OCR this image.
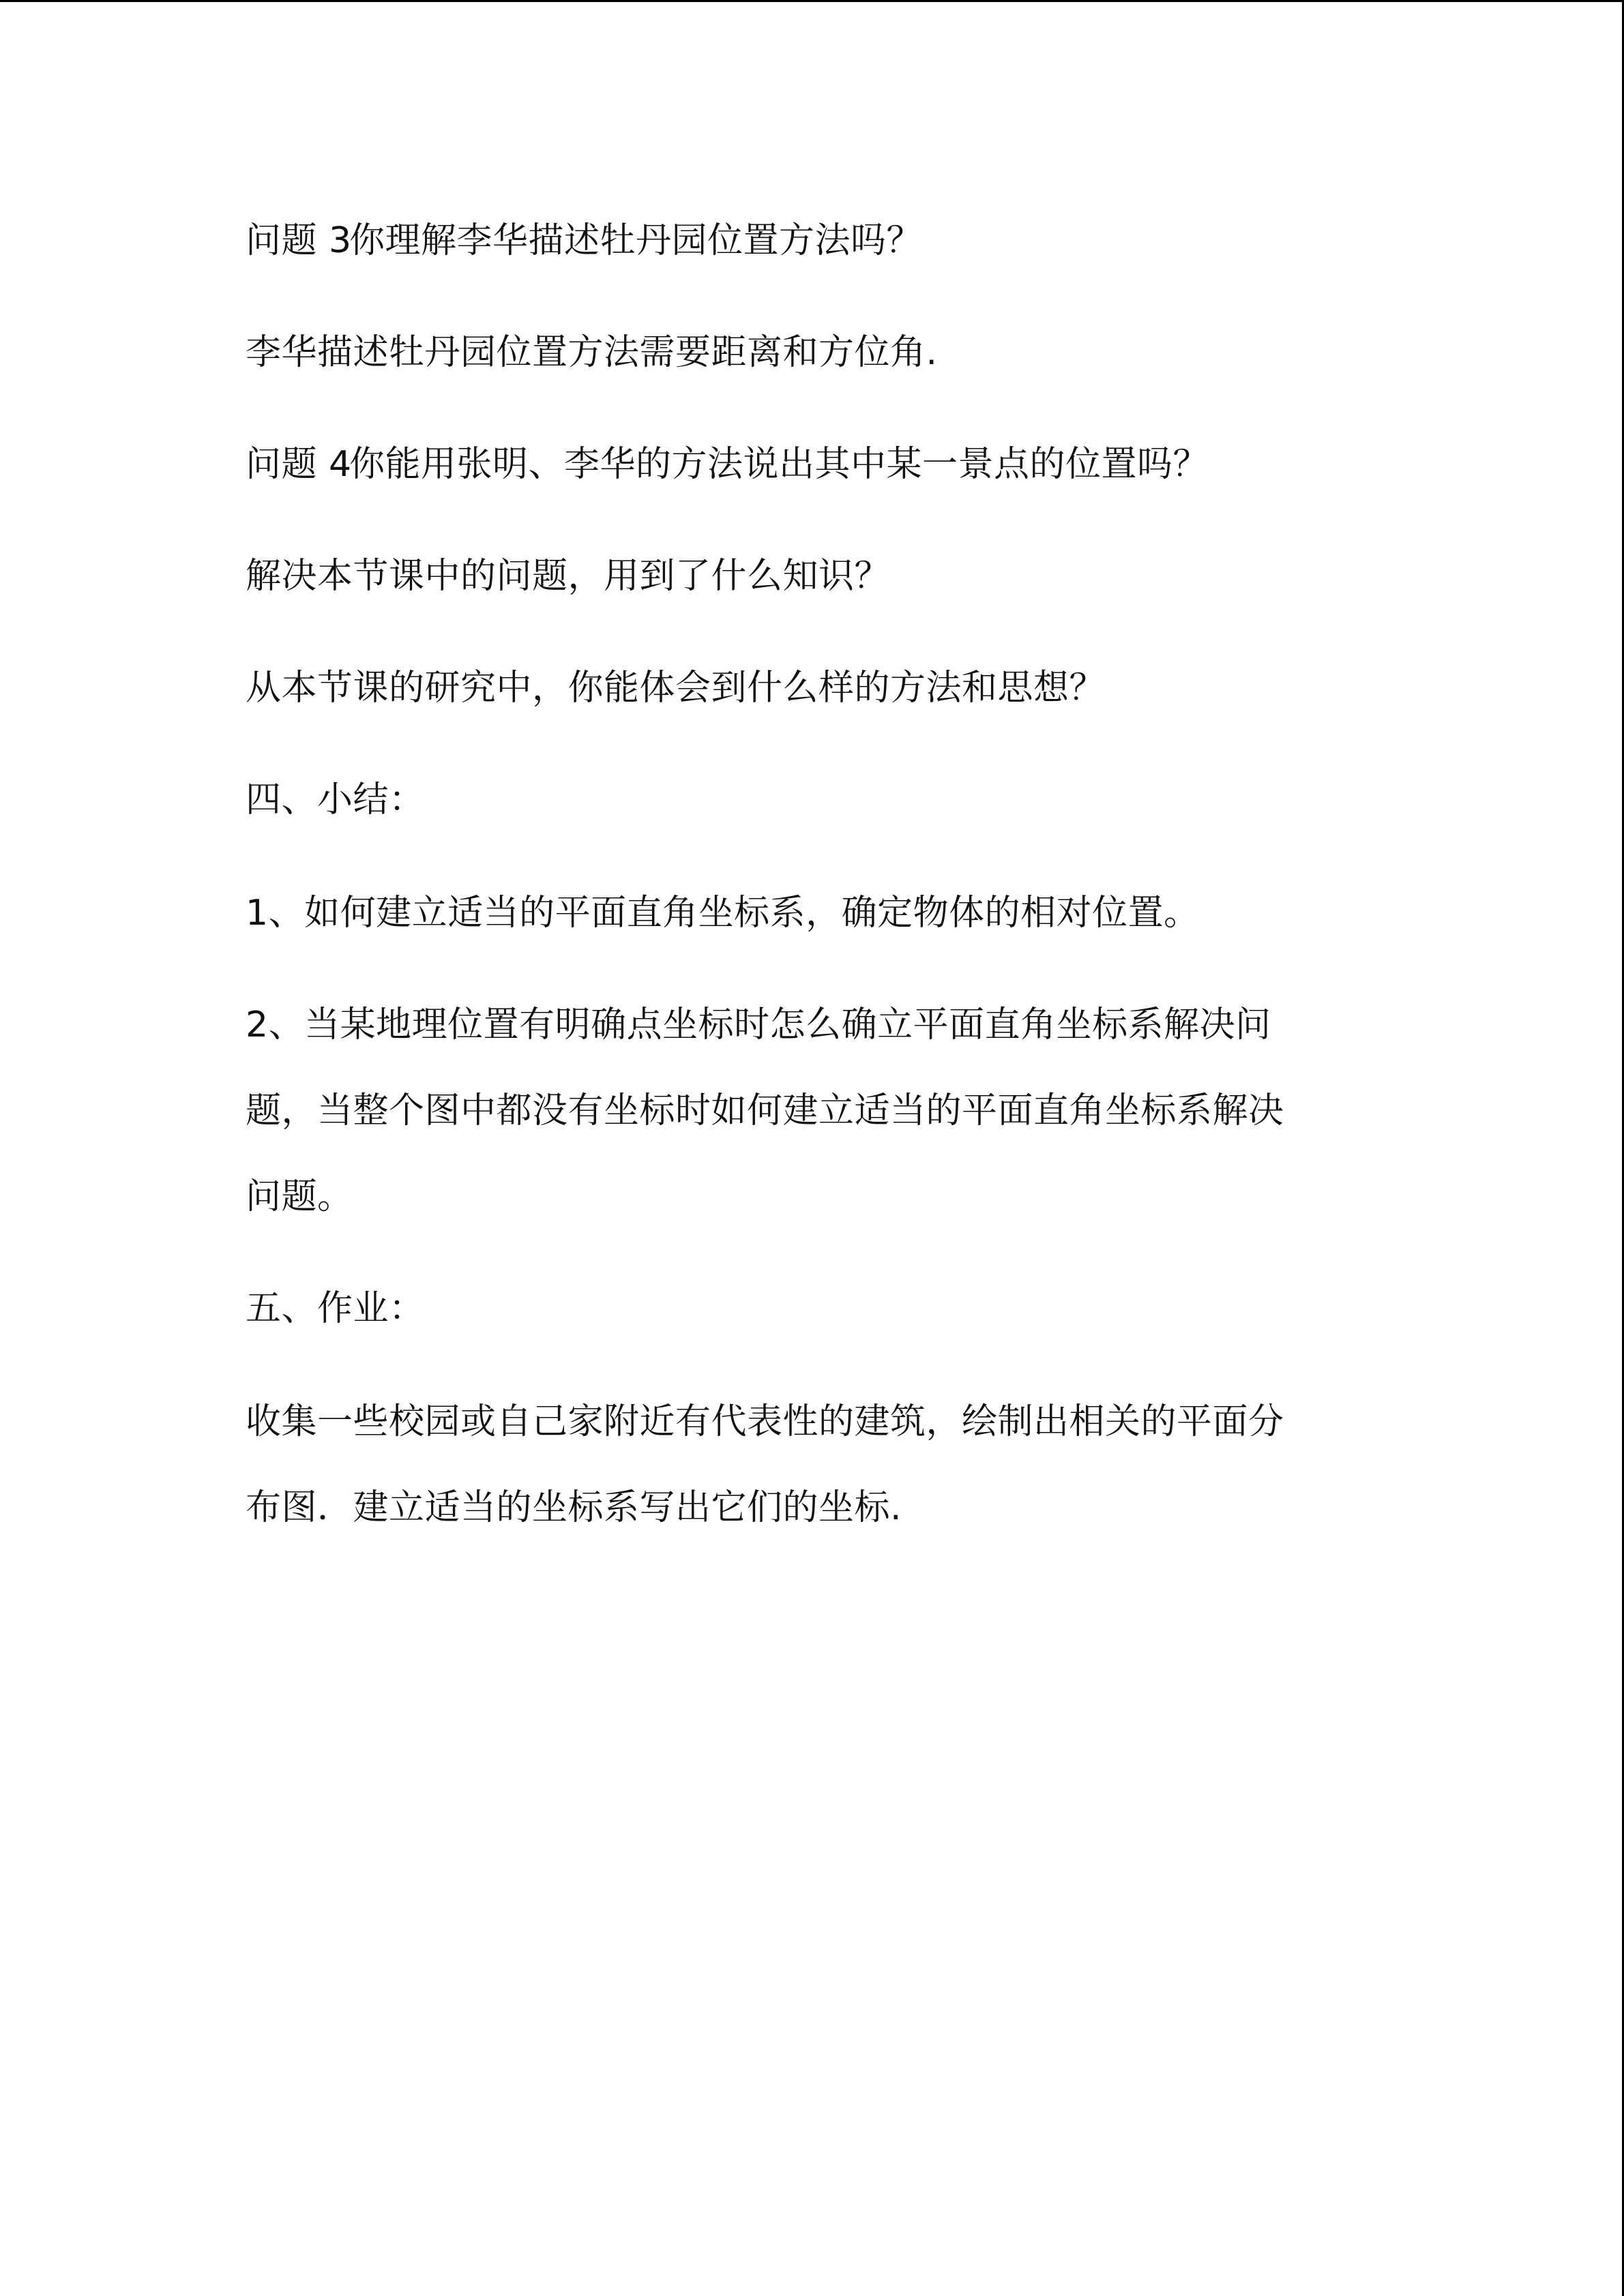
问题 3你理解李华描述牡丹园位置方法吗？
李华描述牡丹园位置方法需要距离和方位角.
问题 4你能用张明、李华的方法说出其中某一景点的位置吗？
解决本节课中的问题，用到了什么知识？
从本节课的研究中，你能体会到什么样的方法和思想？
四、小结：
1、如何建立适当的平面直角坐标系，确定物体的相对位置。
2、当某地理位置有明确点坐标时怎么确立平面直角坐标系解决问
题，当整个图中都没有坐标时如何建立适当的平面直角坐标系解决
问题。
五、作业：
收集一些校园或自己家附近有代表性的建筑，绘制出相关的平面分
布图．建立适当的坐标系写出它们的坐标.
